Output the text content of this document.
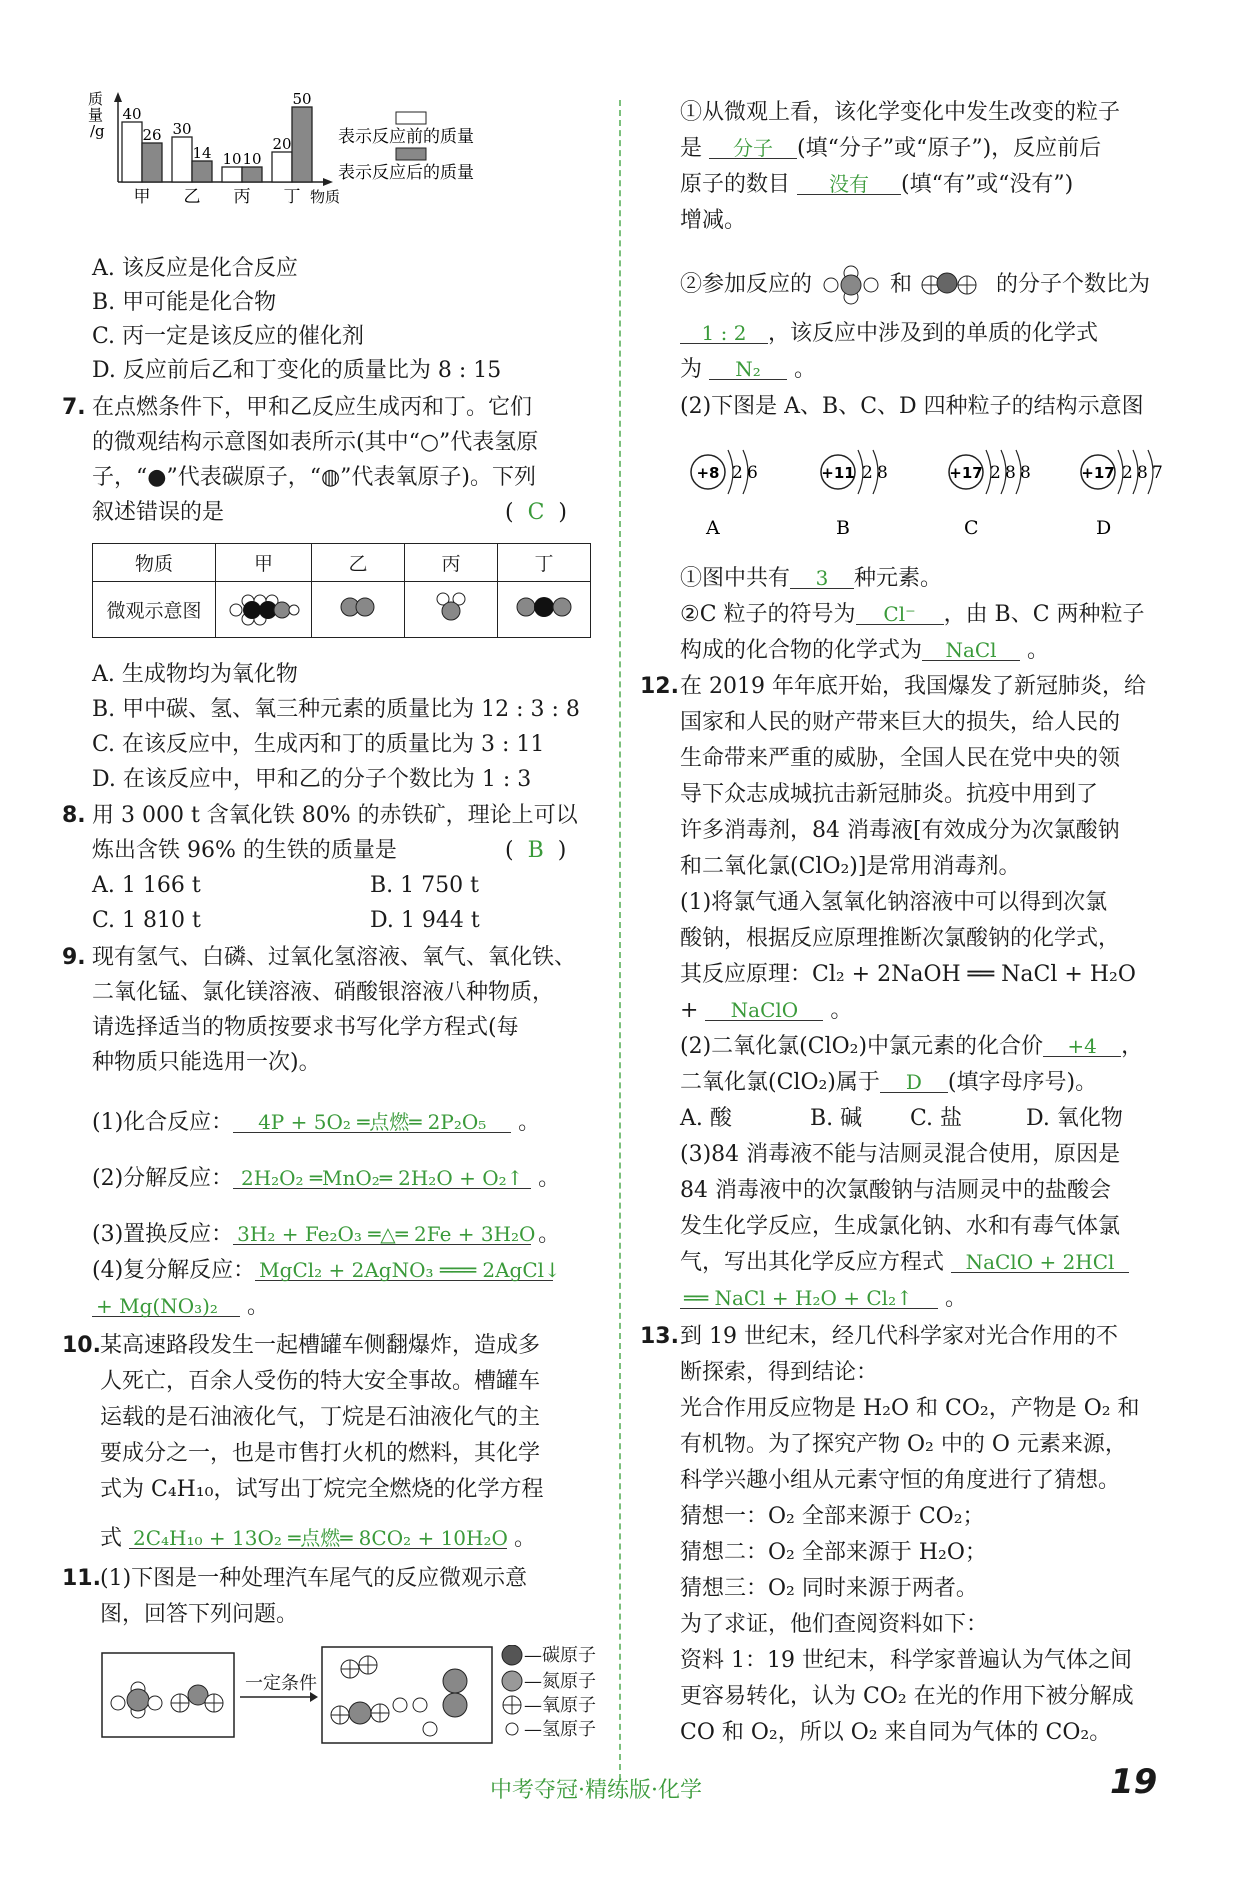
质
量
/g
40
26
甲
30
14
乙
10 10
丙
20
50
丁 物质
表示反应前的质量
表示反应后的质量
A. 该反应是化合反应
B. 甲可能是化合物
C. 丙一定是该反应的催化剂
D. 反应前后乙和丁变化的质量比为 8 : 15
7. 在点燃条件下，甲和乙反应生成丙和丁。它们
的微观结构示意图如表所示(其中“○”代表氢原
子，“●”代表碳原子，“◍”代表氧原子)。下列
叙述错误的是	(  C  )
物质	甲	乙	丙	丁
微观示意图				
A. 生成物均为氧化物
B. 甲中碳、氢、氧三种元素的质量比为 12 : 3 : 8
C. 在该反应中，生成丙和丁的质量比为 3 : 11
D. 在该反应中，甲和乙的分子个数比为 1 : 3
8. 用 3 000 t 含氧化铁 80% 的赤铁矿，理论上可以
炼出含铁 96% 的生铁的质量是	(  B  )
A. 1 166 t	B. 1 750 t
C. 1 810 t	D. 1 944 t
9. 现有氢气、白磷、过氧化氢溶液、氧气、氧化铁、
二氧化锰、氯化镁溶液、硝酸银溶液八种物质，
请选择适当的物质按要求书写化学方程式(每
种物质只能选用一次)。
(1)化合反应： 4P + 5O₂ ═点燃═ 2P₂O₅ 。
(2)分解反应： 2H₂O₂ ═MnO₂═ 2H₂O + O₂↑ 。
(3)置换反应： 3H₂ + Fe₂O₃ ═△═ 2Fe + 3H₂O 。
(4)复分解反应： MgCl₂ + 2AgNO₃ ═══ 2AgCl↓
+ Mg(NO₃)₂ 。
10. 某高速路段发生一起槽罐车侧翻爆炸，造成多
人死亡，百余人受伤的特大安全事故。槽罐车
运载的是石油液化气，丁烷是石油液化气的主
要成分之一，也是市售打火机的燃料，其化学
式为 C₄H₁₀，试写出丁烷完全燃烧的化学方程
式 2C₄H₁₀ + 13O₂ ═点燃═ 8CO₂ + 10H₂O 。
11. (1)下图是一种处理汽车尾气的反应微观示意
图，回答下列问题。
一定条件
—碳原子
—氮原子
—氧原子
—氢原子
①从微观上看，该化学变化中发生改变的粒子
是 分子 (填“分子”或“原子”)，反应前后
原子的数目 没有 (填“有”或“没有”)
增减。
②参加反应的	和	的分子个数比为
1 : 2 ，该反应中涉及到的单质的化学式
为 N₂ 。
(2)下图是 A、B、C、D 四种粒子的结构示意图
+8 2 6
A
+11 2 8
B
+17 2 8 8
C
+17 2 8 7
D
①图中共有 3 种元素。
②C 粒子的符号为 Cl⁻ ，由 B、C 两种粒子
构成的化合物的化学式为 NaCl 。
12. 在 2019 年年底开始，我国爆发了新冠肺炎，给
国家和人民的财产带来巨大的损失，给人民的
生命带来严重的威胁，全国人民在党中央的领
导下众志成城抗击新冠肺炎。抗疫中用到了
许多消毒剂，84 消毒液[有效成分为次氯酸钠
和二氧化氯(ClO₂)]是常用消毒剂。
(1)将氯气通入氢氧化钠溶液中可以得到次氯
酸钠，根据反应原理推断次氯酸钠的化学式，
其反应原理：Cl₂ + 2NaOH ══ NaCl + H₂O
+ NaClO 。
(2)二氧化氯(ClO₂)中氯元素的化合价 +4 ，
二氧化氯(ClO₂)属于 D (填字母序号)。
A. 酸	B. 碱 C. 盐	D. 氧化物
(3)84 消毒液不能与洁厕灵混合使用，原因是
84 消毒液中的次氯酸钠与洁厕灵中的盐酸会
发生化学反应，生成氯化钠、水和有毒气体氯
气，写出其化学反应方程式 NaClO + 2HCl
══ NaCl + H₂O + Cl₂↑ 。
13. 到 19 世纪末，经几代科学家对光合作用的不
断探索，得到结论：
光合作用反应物是 H₂O 和 CO₂，产物是 O₂ 和
有机物。为了探究产物 O₂ 中的 O 元素来源，
科学兴趣小组从元素守恒的角度进行了猜想。
猜想一：O₂ 全部来源于 CO₂；
猜想二：O₂ 全部来源于 H₂O；
猜想三：O₂ 同时来源于两者。
为了求证，他们查阅资料如下：
资料 1：19 世纪末，科学家普遍认为气体之间
更容易转化，认为 CO₂ 在光的作用下被分解成
CO 和 O₂，所以 O₂ 来自同为气体的 CO₂。
中考夺冠·精练版·化学	19
